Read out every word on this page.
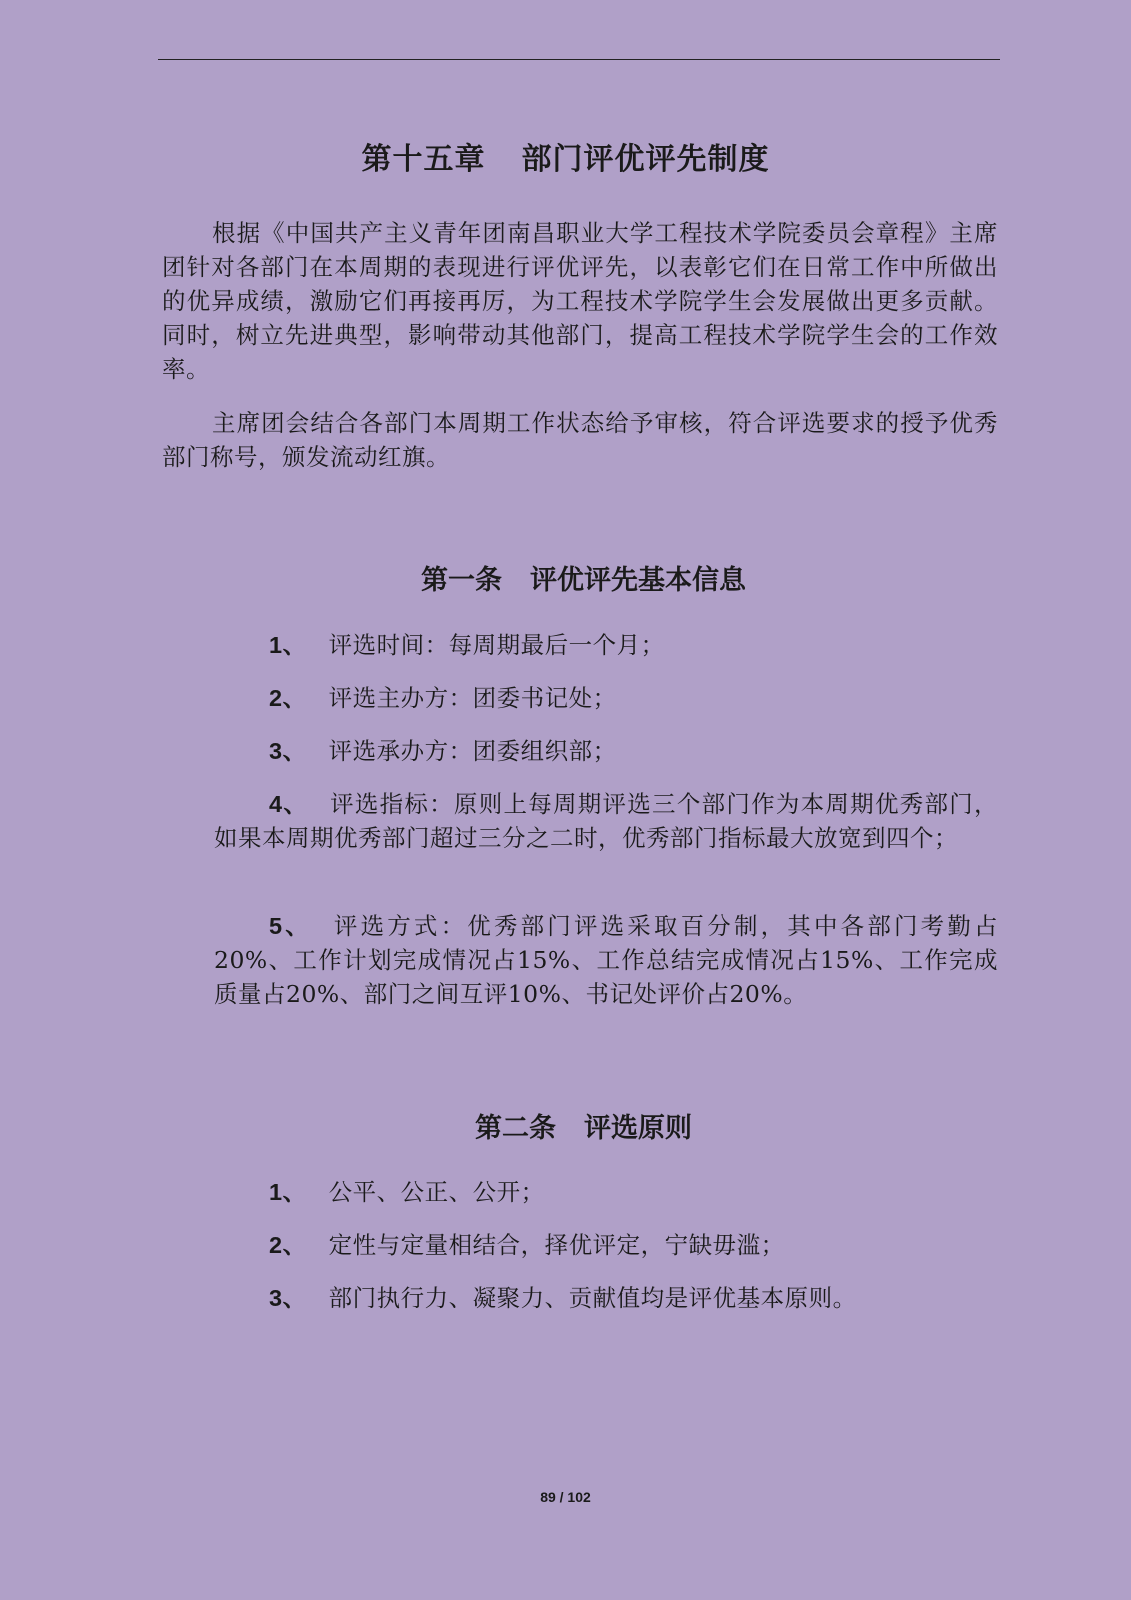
第十五章 部门评优评先制度

根据《中国共产主义青年团南昌职业大学工程技术学院委员会章程》主席团针对各部门在本周期的表现进行评优评先，以表彰它们在日常工作中所做出的优异成绩，激励它们再接再厉，为工程技术学院学生会发展做出更多贡献。同时，树立先进典型，影响带动其他部门，提高工程技术学院学生会的工作效率。

主席团会结合各部门本周期工作状态给予审核，符合评选要求的授予优秀部门称号，颁发流动红旗。

第一条 评优评先基本信息

1、 评选时间：每周期最后一个月；

2、 评选主办方：团委书记处；

3、 评选承办方：团委组织部；

4、 评选指标：原则上每周期评选三个部门作为本周期优秀部门，如果本周期优秀部门超过三分之二时，优秀部门指标最大放宽到四个；

5、 评选方式：优秀部门评选采取百分制，其中各部门考勤占20%、工作计划完成情况占15%、工作总结完成情况占15%、工作完成质量占20%、部门之间互评10%、书记处评价占20%。

第二条 评选原则

1、 公平、公正、公开；

2、 定性与定量相结合，择优评定，宁缺毋滥；

3、 部门执行力、凝聚力、贡献值均是评优基本原则。

89 / 102
